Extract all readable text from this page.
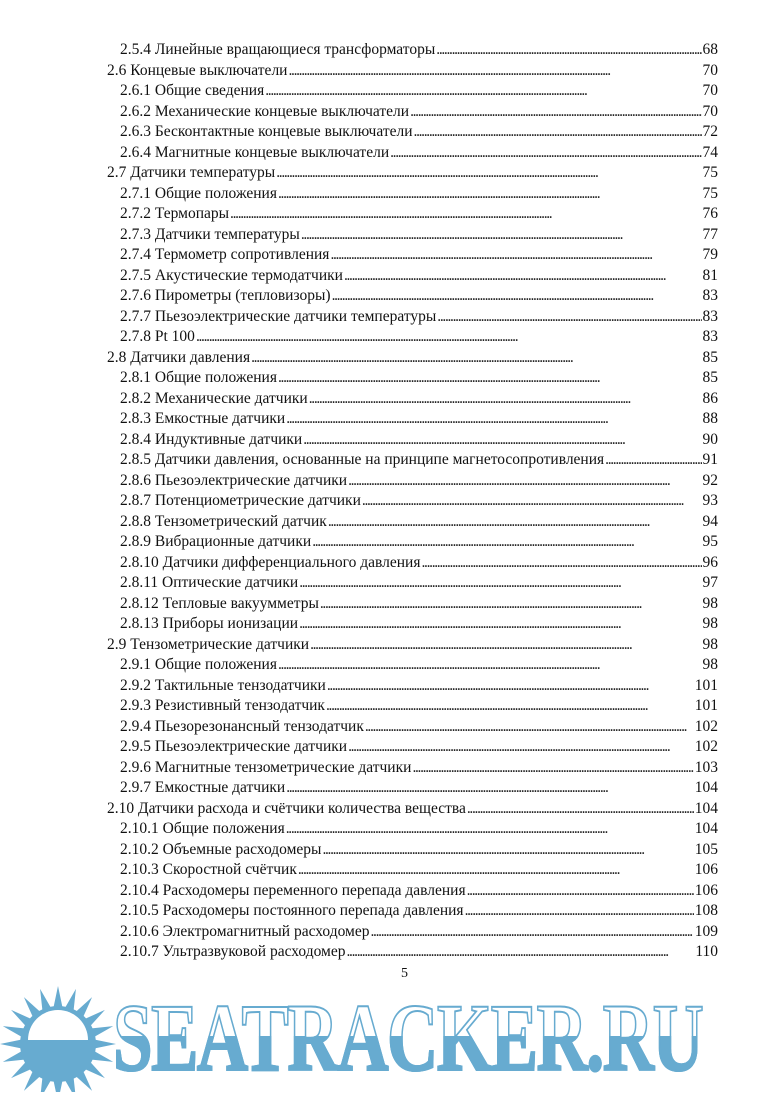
2.5.4 Линейные вращающиеся трансформаторы . . .	68
2.6 Концевые выключатели . . .	70
2.6.1 Общие сведения . . .	70
2.6.2 Механические концевые выключатели . . .	70
2.6.3 Бесконтактные концевые выключатели . . .	72
2.6.4 Магнитные концевые выключатели . . .	74
2.7 Датчики температуры . . .	75
2.7.1 Общие положения . . .	75
2.7.2 Термопары . . .	76
2.7.3 Датчики температуры . . .	77
2.7.4 Термометр сопротивления . . .	79
2.7.5 Акустические термодатчики . . .	81
2.7.6 Пирометры (тепловизоры) . . .	83
2.7.7 Пьезоэлектрические датчики температуры . . .	83
2.7.8 Pt 100 . . .	83
2.8 Датчики давления . . .	85
2.8.1 Общие положения . . .	85
2.8.2 Механические датчики . . .	86
2.8.3 Емкостные датчики . . .	88
2.8.4 Индуктивные датчики . . .	90
2.8.5 Датчики давления, основанные на принципе магнетосопротивления . . .	91
2.8.6 Пьезоэлектрические датчики . . .	92
2.8.7 Потенциометрические датчики . . .	93
2.8.8 Тензометрический датчик . . .	94
2.8.9 Вибрационные датчики . . .	95
2.8.10 Датчики дифференциального давления . . .	96
2.8.11 Оптические датчики . . .	97
2.8.12 Тепловые вакуумметры . . .	98
2.8.13 Приборы ионизации . . .	98
2.9 Тензометрические датчики . . .	98
2.9.1 Общие положения . . .	98
2.9.2 Тактильные тензодатчики . . .	101
2.9.3 Резистивный тензодатчик . . .	101
2.9.4 Пьезорезонансный тензодатчик . . .	102
2.9.5 Пьезоэлектрические датчики . . .	102
2.9.6 Магнитные тензометрические датчики . . .	103
2.9.7 Емкостные датчики . . .	104
2.10 Датчики расхода и счётчики количества вещества . . .	104
2.10.1 Общие положения . . .	104
2.10.2 Объемные расходомеры . . .	105
2.10.3 Скоростной счётчик . . .	106
2.10.4 Расходомеры переменного перепада давления . . .	106
2.10.5 Расходомеры постоянного перепада давления . . .	108
2.10.6 Электромагнитный расходомер . . .	109
2.10.7 Ультразвуковой расходомер . . .	110
5
SEATRACKER.RU
